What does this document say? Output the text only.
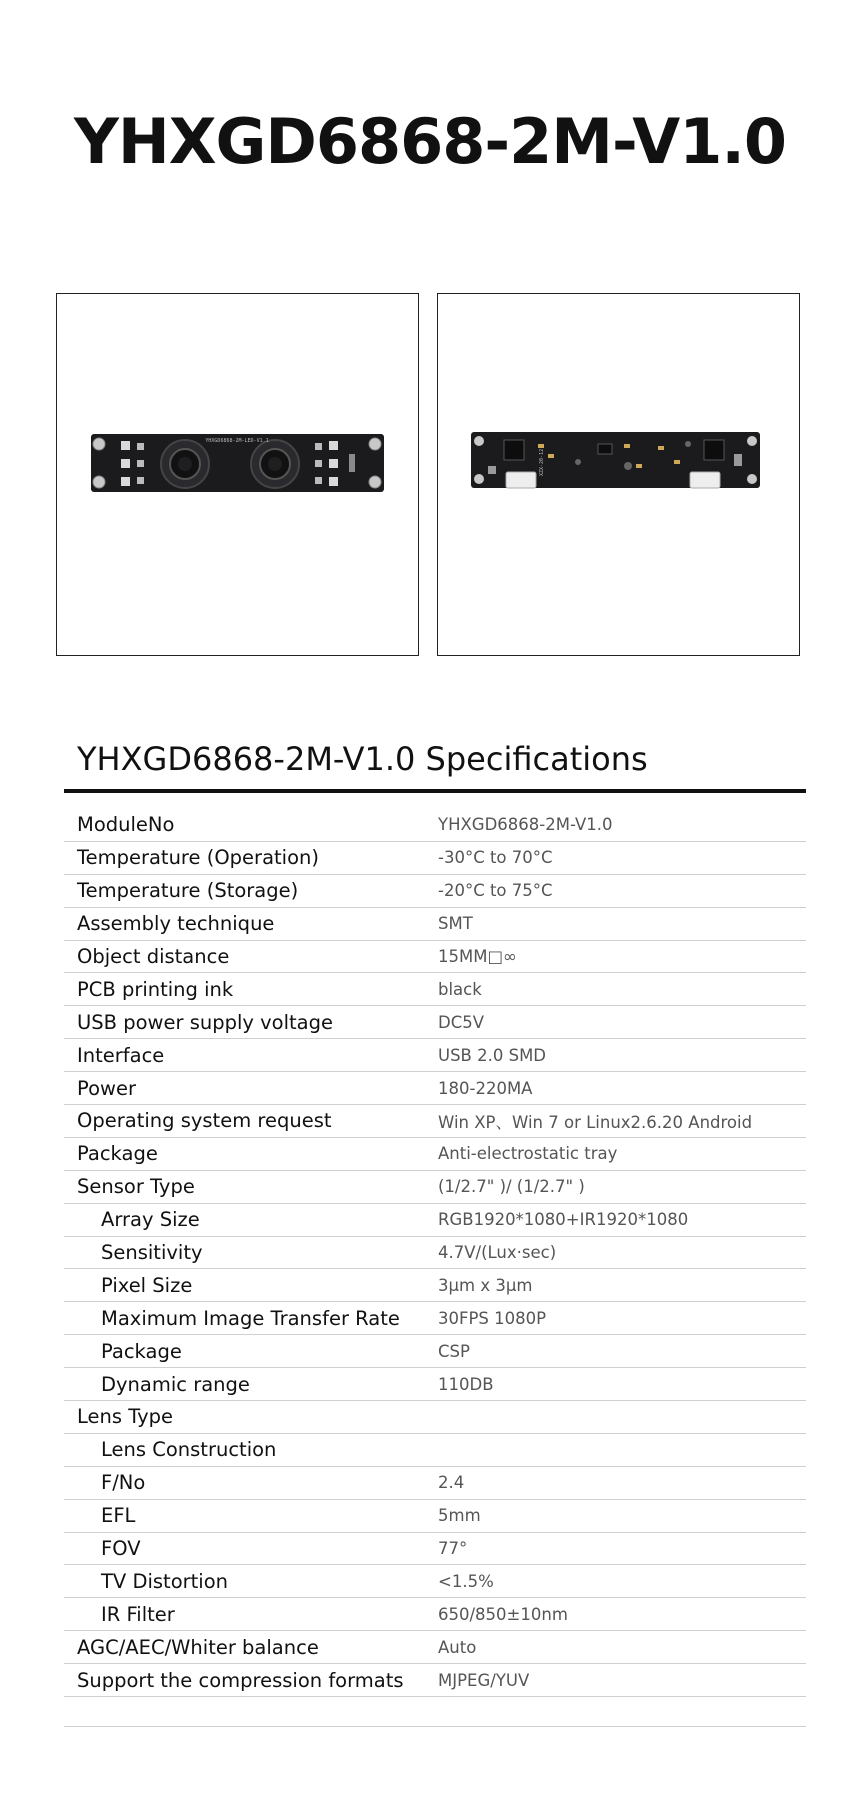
YHXGD6868-2M-V1.0
YHXGD6868-2M-LED-V1.1
XZX-20-12
YHXGD6868-2M-V1.0 Specifications
ModuleNo	YHXGD6868-2M-V1.0
Temperature (Operation)	-30°C to 70°C
Temperature (Storage)	-20°C to 75°C
Assembly technique	SMT
Object distance	15MM□∞
PCB printing ink	black
USB power supply voltage	DC5V
Interface	USB 2.0 SMD
Power	180-220MA
Operating system request	Win XP、Win 7 or Linux2.6.20 Android
Package	Anti-electrostatic tray
Sensor Type	(1/2.7" )/ (1/2.7" )
Array Size	RGB1920*1080+IR1920*1080
Sensitivity	4.7V/(Lux·sec)
Pixel Size	3μm x 3μm
Maximum Image Transfer Rate	30FPS 1080P
Package	CSP
Dynamic range	110DB
Lens Type
Lens Construction
F/No	2.4
EFL	5mm
FOV	77°
TV Distortion	<1.5%
IR Filter	650/850±10nm
AGC/AEC/Whiter balance	Auto
Support the compression formats	MJPEG/YUV
